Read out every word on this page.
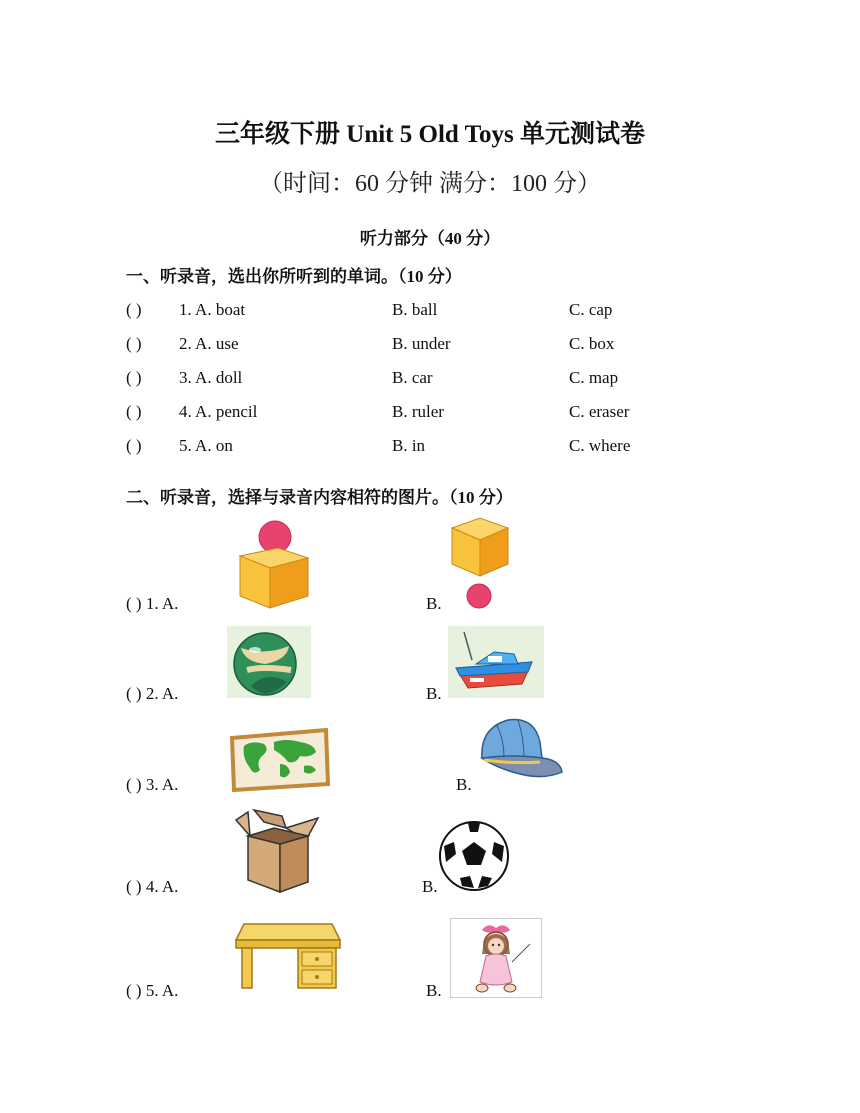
三年级下册 Unit 5 Old Toys 单元测试卷
（时间：60 分钟 满分：100 分）
听力部分（40 分）
一、听录音，选出你所听到的单词。（10 分）
( ) 1. A. boat	B. ball	C. cap
( ) 2. A. use	B. under	C. box
( ) 3. A. doll	B. car	C. map
( ) 4. A. pencil	B. ruler	C. eraser
( ) 5. A. on	B. in	C. where
二、听录音，选择与录音内容相符的图片。（10 分）
( ) 1. A.	B.
( ) 2. A.	B.
( ) 3. A.	B.
( ) 4. A.	B.
( ) 5. A.	B.
